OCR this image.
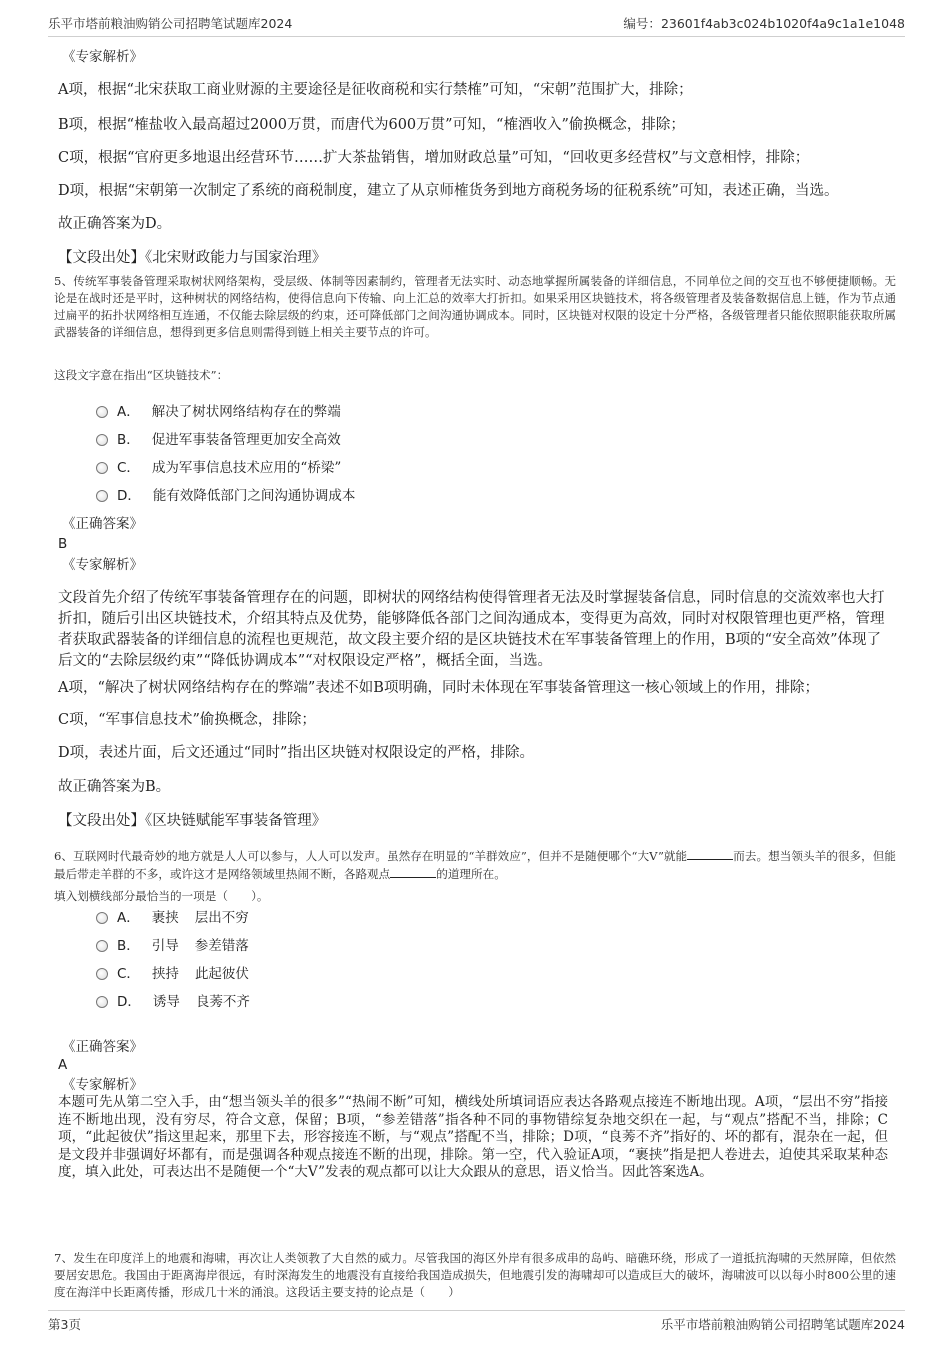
乐平市塔前粮油购销公司招聘笔试题库2024	编号：23601f4ab3c024b1020f4a9c1a1e1048
《专家解析》
A项，根据“北宋获取工商业财源的主要途径是征收商税和实行禁榷”可知，“宋朝”范围扩大，排除；
B项，根据“榷盐收入最高超过2000万贯，而唐代为600万贯”可知，“榷酒收入”偷换概念，排除；
C项，根据“官府更多地退出经营环节……扩大茶盐销售，增加财政总量”可知，“回收更多经营权”与文意相悖，排除；
D项，根据“宋朝第一次制定了系统的商税制度，建立了从京师榷货务到地方商税务场的征税系统”可知，表述正确，当选。
故正确答案为D。
【文段出处】《北宋财政能力与国家治理》
5、传统军事装备管理采取树状网络架构，受层级、体制等因素制约，管理者无法实时、动态地掌握所属装备的详细信息，不同单位之间的交互也不够便捷顺畅。无论是在战时还是平时，这种树状的网络结构，使得信息向下传输、向上汇总的效率大打折扣。如果采用区块链技术，将各级管理者及装备数据信息上链，作为节点通过扁平的拓扑状网络相互连通，不仅能去除层级的约束，还可降低部门之间沟通协调成本。同时，区块链对权限的设定十分严格，各级管理者只能依照职能获取所属武器装备的详细信息，想得到更多信息则需得到链上相关主要节点的许可。
这段文字意在指出“区块链技术”：
A． 解决了树状网络结构存在的弊端
B． 促进军事装备管理更加安全高效
C． 成为军事信息技术应用的“桥梁”
D． 能有效降低部门之间沟通协调成本
《正确答案》
B
《专家解析》
文段首先介绍了传统军事装备管理存在的问题，即树状的网络结构使得管理者无法及时掌握装备信息，同时信息的交流效率也大打折扣，随后引出区块链技术，介绍其特点及优势，能够降低各部门之间沟通成本，变得更为高效，同时对权限管理也更严格，管理者获取武器装备的详细信息的流程也更规范，故文段主要介绍的是区块链技术在军事装备管理上的作用，B项的“安全高效”体现了后文的“去除层级约束”“降低协调成本”“对权限设定严格”，概括全面，当选。
A项，“解决了树状网络结构存在的弊端”表述不如B项明确，同时未体现在军事装备管理这一核心领域上的作用，排除；
C项，“军事信息技术”偷换概念，排除；
D项，表述片面，后文还通过“同时”指出区块链对权限设定的严格，排除。
故正确答案为B。
【文段出处】《区块链赋能军事装备管理》
6、互联网时代最奇妙的地方就是人人可以参与，人人可以发声。虽然存在明显的“羊群效应”，但并不是随便哪个“大V”就能	而去。想当领头羊的很多，但能最后带走羊群的不多，或许这才是网络领域里热闹不断，各路观点	的道理所在。
填入划横线部分最恰当的一项是（　　）。
A． 裹挟 层出不穷
B． 引导 参差错落
C． 挟持 此起彼伏
D． 诱导 良莠不齐
《正确答案》
A
《专家解析》
本题可先从第二空入手，由“想当领头羊的很多”“热闹不断”可知，横线处所填词语应表达各路观点接连不断地出现。A项，“层出不穷”指接连不断地出现，没有穷尽，符合文意，保留；B项，“参差错落”指各种不同的事物错综复杂地交织在一起，与“观点”搭配不当，排除；C项，“此起彼伏”指这里起来，那里下去，形容接连不断，与“观点”搭配不当，排除；D项，“良莠不齐”指好的、坏的都有，混杂在一起，但是文段并非强调好坏都有，而是强调各种观点接连不断的出现，排除。第一空，代入验证A项，“裹挟”指是把人卷进去，迫使其采取某种态度，填入此处，可表达出不是随便一个“大V”发表的观点都可以让大众跟从的意思，语义恰当。因此答案选A。
7、发生在印度洋上的地震和海啸，再次让人类领教了大自然的威力。尽管我国的海区外岸有很多成串的岛屿、暗礁环绕，形成了一道抵抗海啸的天然屏障，但依然要居安思危。我国由于距离海岸很远，有时深海发生的地震没有直接给我国造成损失，但地震引发的海啸却可以造成巨大的破坏，海啸波可以以每小时800公里的速度在海洋中长距离传播，形成几十米的涌浪。这段话主要支持的论点是（　　）
第3页	乐平市塔前粮油购销公司招聘笔试题库2024
